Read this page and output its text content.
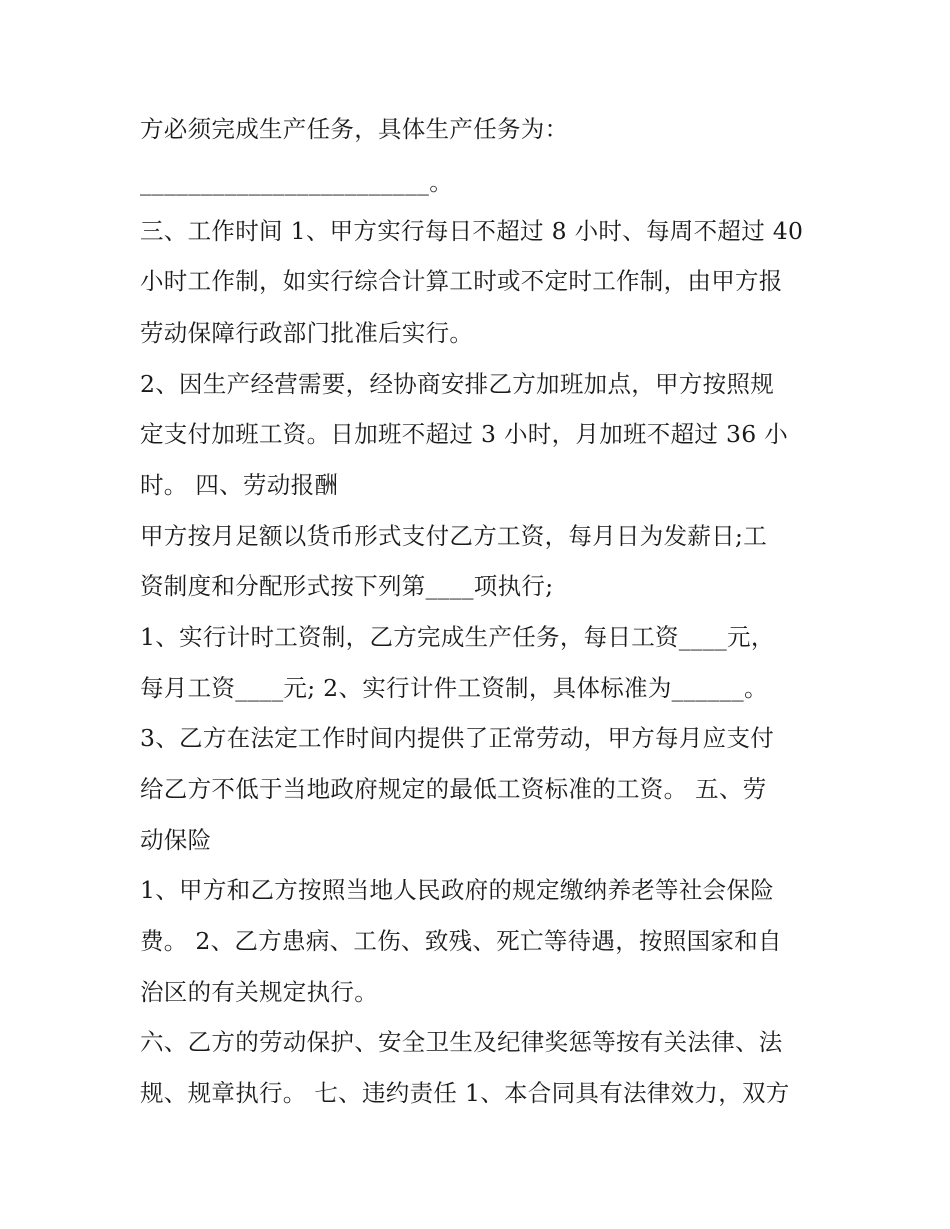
方必须完成生产任务，具体生产任务为：
________________________。
三、工作时间 1、甲方实行每日不超过 8 小时、每周不超过 40
小时工作制，如实行综合计算工时或不定时工作制，由甲方报
劳动保障行政部门批准后实行。
2、因生产经营需要，经协商安排乙方加班加点，甲方按照规
定支付加班工资。日加班不超过 3 小时，月加班不超过 36 小
时。 四、劳动报酬
甲方按月足额以货币形式支付乙方工资，每月日为发薪日;工
资制度和分配形式按下列第____项执行;
1、实行计时工资制，乙方完成生产任务，每日工资____元，
每月工资____元; 2、实行计件工资制，具体标准为______。
3、乙方在法定工作时间内提供了正常劳动，甲方每月应支付
给乙方不低于当地政府规定的最低工资标准的工资。 五、劳
动保险
1、甲方和乙方按照当地人民政府的规定缴纳养老等社会保险
费。 2、乙方患病、工伤、致残、死亡等待遇，按照国家和自
治区的有关规定执行。
六、乙方的劳动保护、安全卫生及纪律奖惩等按有关法律、法
规、规章执行。 七、违约责任 1、本合同具有法律效力，双方
